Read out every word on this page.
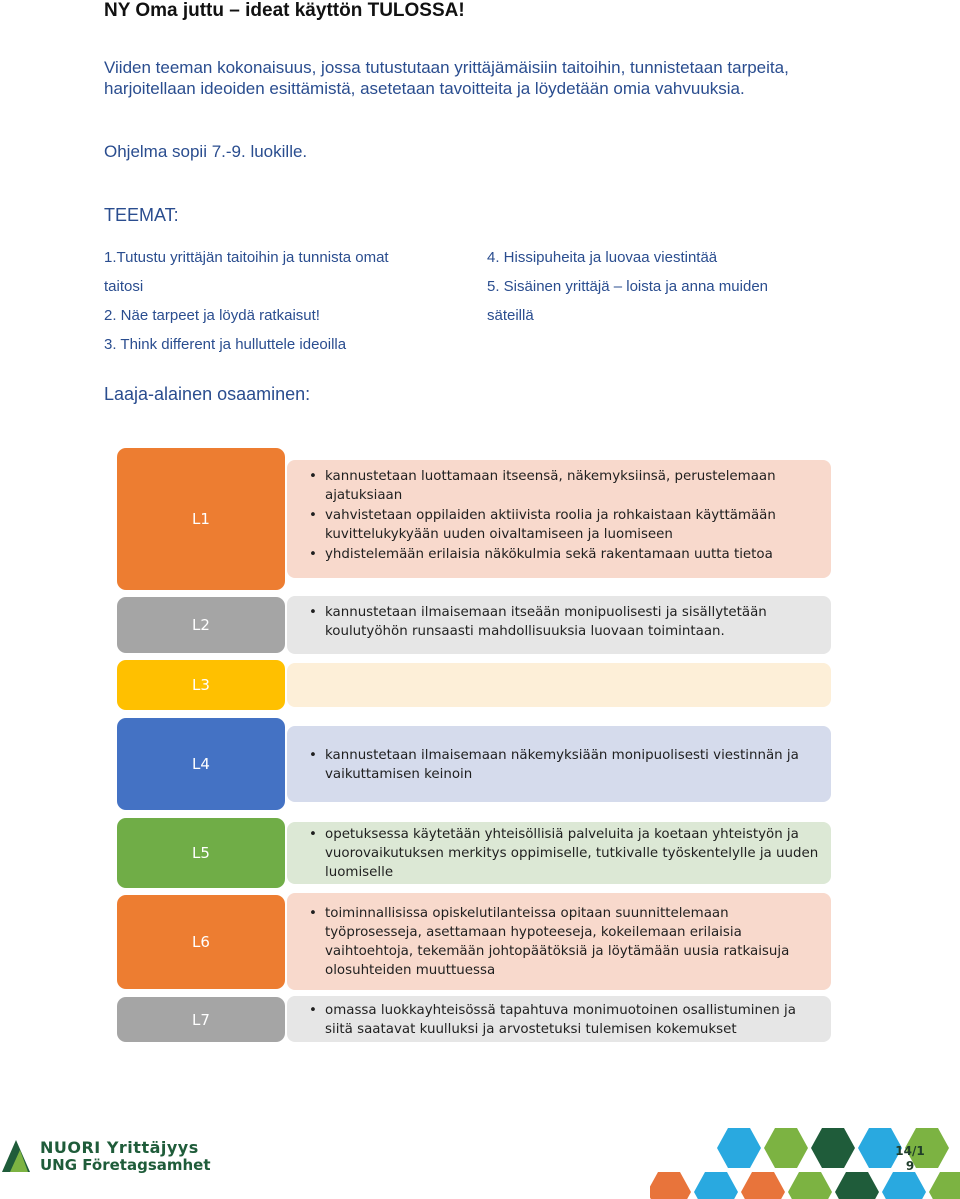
NY Oma juttu – ideat käyttön TULOSSA!
Viiden teeman kokonaisuus, jossa tutustutaan yrittäjämäisiin taitoihin, tunnistetaan tarpeita, harjoitellaan ideoiden esittämistä, asetetaan tavoitteita ja löydetään omia vahvuuksia.
Ohjelma sopii 7.-9. luokille.
TEEMAT:
1.Tutustu yrittäjän taitoihin ja tunnista omat
taitosi
2. Näe tarpeet ja löydä ratkaisut!
3. Think different ja hulluttele ideoilla
4. Hissipuheita ja luovaa viestintää
5. Sisäinen yrittäjä – loista ja anna muiden
säteillä
Laaja-alainen osaaminen:
L1
• kannustetaan luottamaan itseensä, näkemyksiinsä, perustelemaan ajatuksiaan
• vahvistetaan oppilaiden aktiivista roolia ja rohkaistaan käyttämään kuvittelukykyään uuden oivaltamiseen ja luomiseen
• yhdistelemään erilaisia näkökulmia sekä rakentamaan uutta tietoa
L2
• kannustetaan ilmaisemaan itseään monipuolisesti ja sisällytetään koulutyöhön runsaasti mahdollisuuksia luovaan toimintaan.
L3
L4	• kannustetaan ilmaisemaan näkemyksiään monipuolisesti viestinnän ja vaikuttamisen keinoin
L5
• opetuksessa käytetään yhteisöllisiä palveluita ja koetaan yhteistyön ja vuorovaikutuksen merkitys oppimiselle, tutkivalle työskentelylle ja uuden luomiselle
L6
• toiminnallisissa opiskelutilanteissa opitaan suunnittelemaan työprosesseja, asettamaan hypoteeseja, kokeilemaan erilaisia vaihtoehtoja, tekemään johtopäätöksiä ja löytämään uusia ratkaisuja olosuhteiden muuttuessa
L7	• omassa luokkayhteisössä tapahtuva monimuotoinen osallistuminen ja siitä saatavat kuulluksi ja arvostetuksi tulemisen kokemukset
NUORI Yrittäjyys
UNG Företagsamhet
14/1
9
